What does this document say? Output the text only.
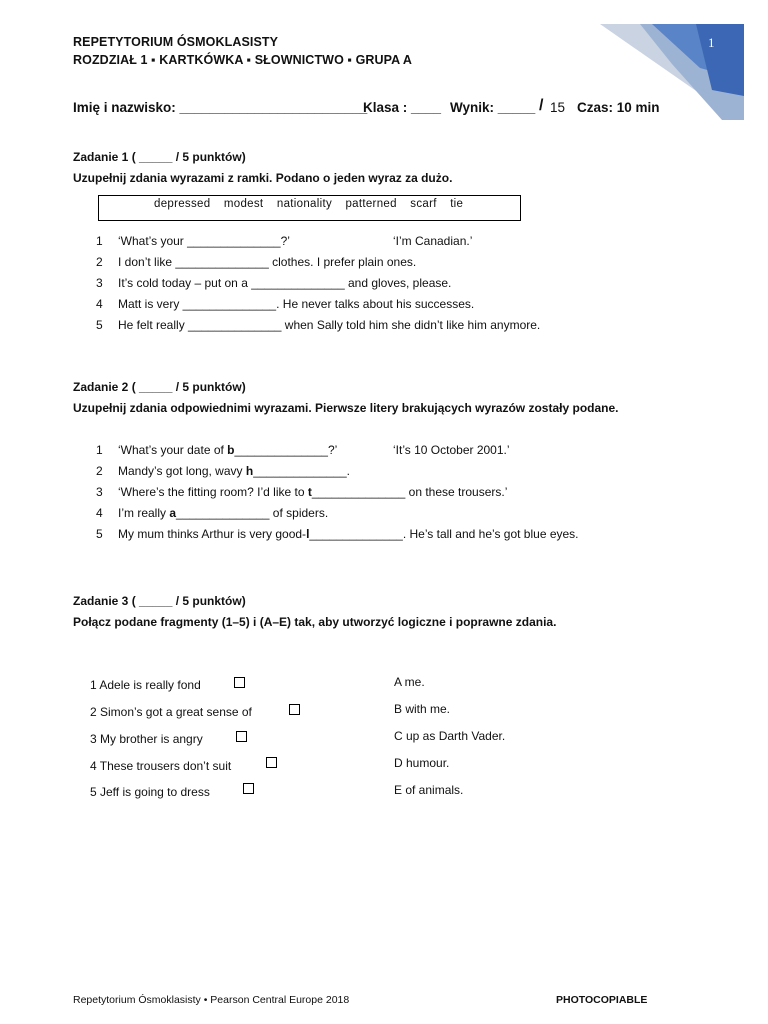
1
REPETYTORIUM ÓSMOKLASISTY
ROZDZIAŁ 1 ▪ KARTKÓWKA ▪ SŁOWNICTWO ▪ GRUPA A
Imię i nazwisko: _________________________
Klasa : ____ Wynik: _____ / 15 Czas: 10 min
Zadanie 1 ( _____ / 5 punktów)
Uzupełnij zdania wyrazami z ramki. Podano o jeden wyraz za dużo.
depressed modest nationality patterned scarf tie
1 ‘What’s your ______________?’	‘I’m Canadian.’
2 I don’t like ______________ clothes. I prefer plain ones.
3 It’s cold today – put on a ______________ and gloves, please.
4 Matt is very ______________. He never talks about his successes.
5 He felt really ______________ when Sally told him she didn’t like him anymore.
Zadanie 2 ( _____ / 5 punktów)
Uzupełnij zdania odpowiednimi wyrazami. Pierwsze litery brakujących wyrazów zostały podane.
1 ‘What’s your date of b______________?’	‘It’s 10 October 2001.’
2 Mandy’s got long, wavy h______________.
3 ‘Where’s the fitting room? I’d like to t______________ on these trousers.’
4 I’m really a______________ of spiders.
5 My mum thinks Arthur is very good-l______________. He’s tall and he’s got blue eyes.
Zadanie 3 ( _____ / 5 punktów)
Połącz podane fragmenty (1–5) i (A–E) tak, aby utworzyć logiczne i poprawne zdania.
1 Adele is really fond
2 Simon’s got a great sense of
3 My brother is angry
4 These trousers don’t suit
5 Jeff is going to dress
A me.
B with me.
C up as Darth Vader.
D humour.
E of animals.
Repetytorium Ósmoklasisty • Pearson Central Europe 2018	PHOTOCOPIABLE
